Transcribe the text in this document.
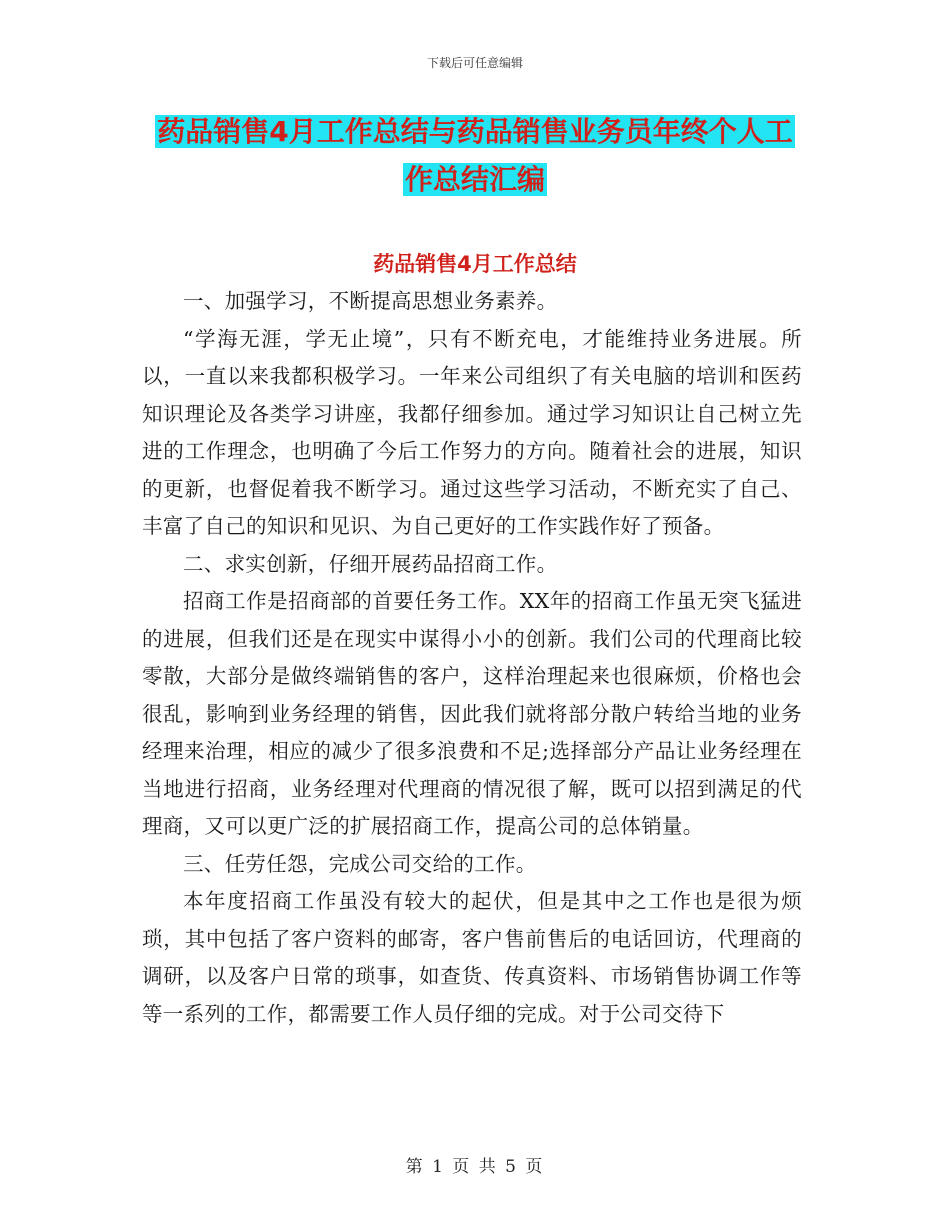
下载后可任意编辑
药品销售4月工作总结与药品销售业务员年终个人工
作总结汇编
药品销售4月工作总结

一、加强学习，不断提高思想业务素养。

“学海无涯，学无止境”，只有不断充电，才能维持业务进展。所以，一直以来我都积极学习。一年来公司组织了有关电脑的培训和医药知识理论及各类学习讲座，我都仔细参加。通过学习知识让自己树立先进的工作理念，也明确了今后工作努力的方向。随着社会的进展，知识的更新，也督促着我不断学习。通过这些学习活动，不断充实了自己、丰富了自己的知识和见识、为自己更好的工作实践作好了预备。

二、求实创新，仔细开展药品招商工作。

招商工作是招商部的首要任务工作。XX年的招商工作虽无突飞猛进的进展，但我们还是在现实中谋得小小的创新。我们公司的代理商比较零散，大部分是做终端销售的客户，这样治理起来也很麻烦，价格也会很乱，影响到业务经理的销售，因此我们就将部分散户转给当地的业务经理来治理，相应的减少了很多浪费和不足;选择部分产品让业务经理在当地进行招商，业务经理对代理商的情况很了解，既可以招到满足的代理商，又可以更广泛的扩展招商工作，提高公司的总体销量。

三、任劳任怨，完成公司交给的工作。

本年度招商工作虽没有较大的起伏，但是其中之工作也是很为烦琐，其中包括了客户资料的邮寄，客户售前售后的电话回访，代理商的调研，以及客户日常的琐事，如查货、传真资料、市场销售协调工作等等一系列的工作，都需要工作人员仔细的完成。对于公司交待下

第 1 页 共 5 页
